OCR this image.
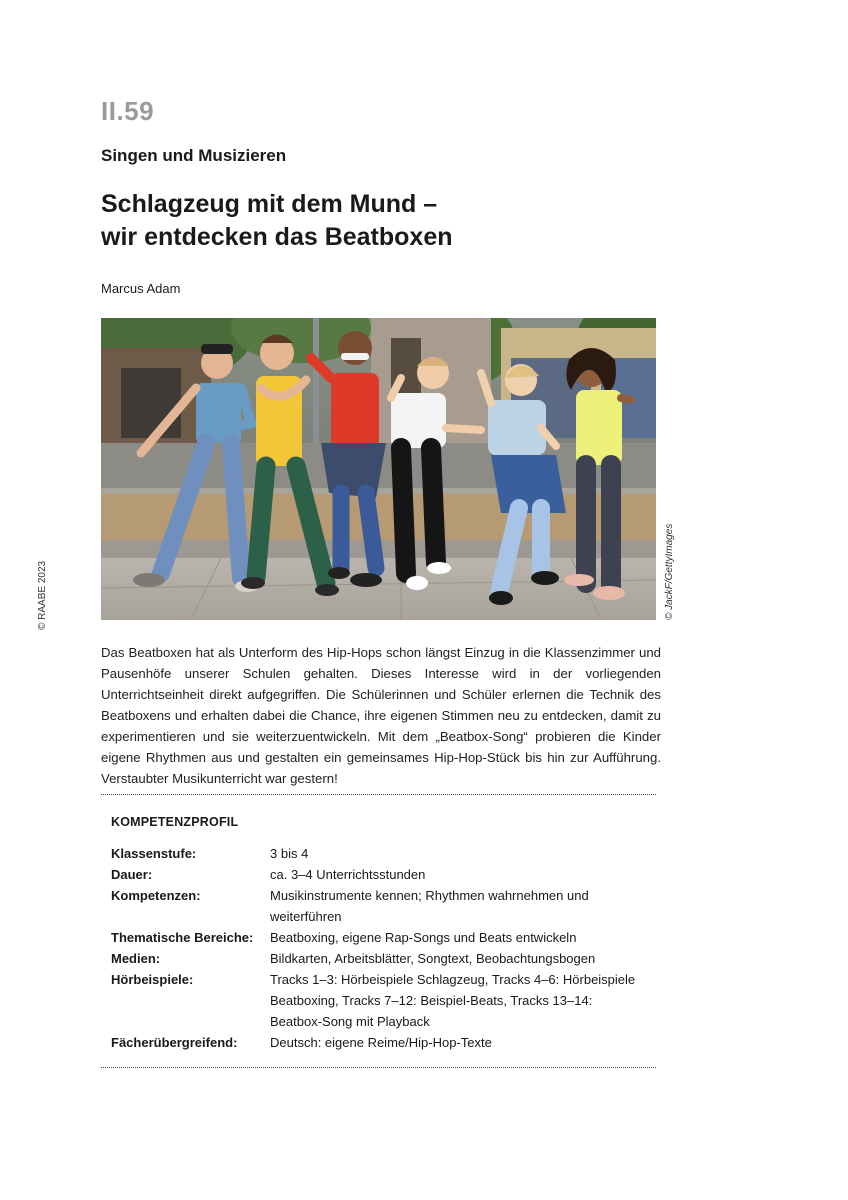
II.59
Singen und Musizieren
Schlagzeug mit dem Mund –
wir entdecken das Beatboxen
Marcus Adam
© JackF/GettyImages
© RAABE 2023
Das Beatboxen hat als Unterform des Hip-Hops schon längst Einzug in die Klassenzimmer und Pausenhöfe unserer Schulen gehalten. Dieses Interesse wird in der vorliegenden Unterrichtseinheit direkt aufgegriffen. Die Schülerinnen und Schüler erlernen die Technik des Beatboxens und erhalten dabei die Chance, ihre eigenen Stimmen neu zu entdecken, damit zu experimentieren und sie weiterzuentwickeln. Mit dem „Beatbox-Song“ probieren die Kinder eigene Rhythmen aus und gestalten ein gemeinsames Hip-Hop-Stück bis hin zur Aufführung. Verstaubter Musikunterricht war gestern!
KOMPETENZPROFIL
Klassenstufe:	3 bis 4
Dauer:	ca. 3–4 Unterrichtsstunden
Kompetenzen:	Musikinstrumente kennen; Rhythmen wahrnehmen und weiterführen
Thematische Bereiche:	Beatboxing, eigene Rap-Songs und Beats entwickeln
Medien:	Bildkarten, Arbeitsblätter, Songtext, Beobachtungsbogen
Hörbeispiele:	Tracks 1–3: Hörbeispiele Schlagzeug, Tracks 4–6: Hörbeispiele Beatboxing, Tracks 7–12: Beispiel-Beats, Tracks 13–14: Beatbox-Song mit Playback
Fächerübergreifend:	Deutsch: eigene Reime/Hip-Hop-Texte
